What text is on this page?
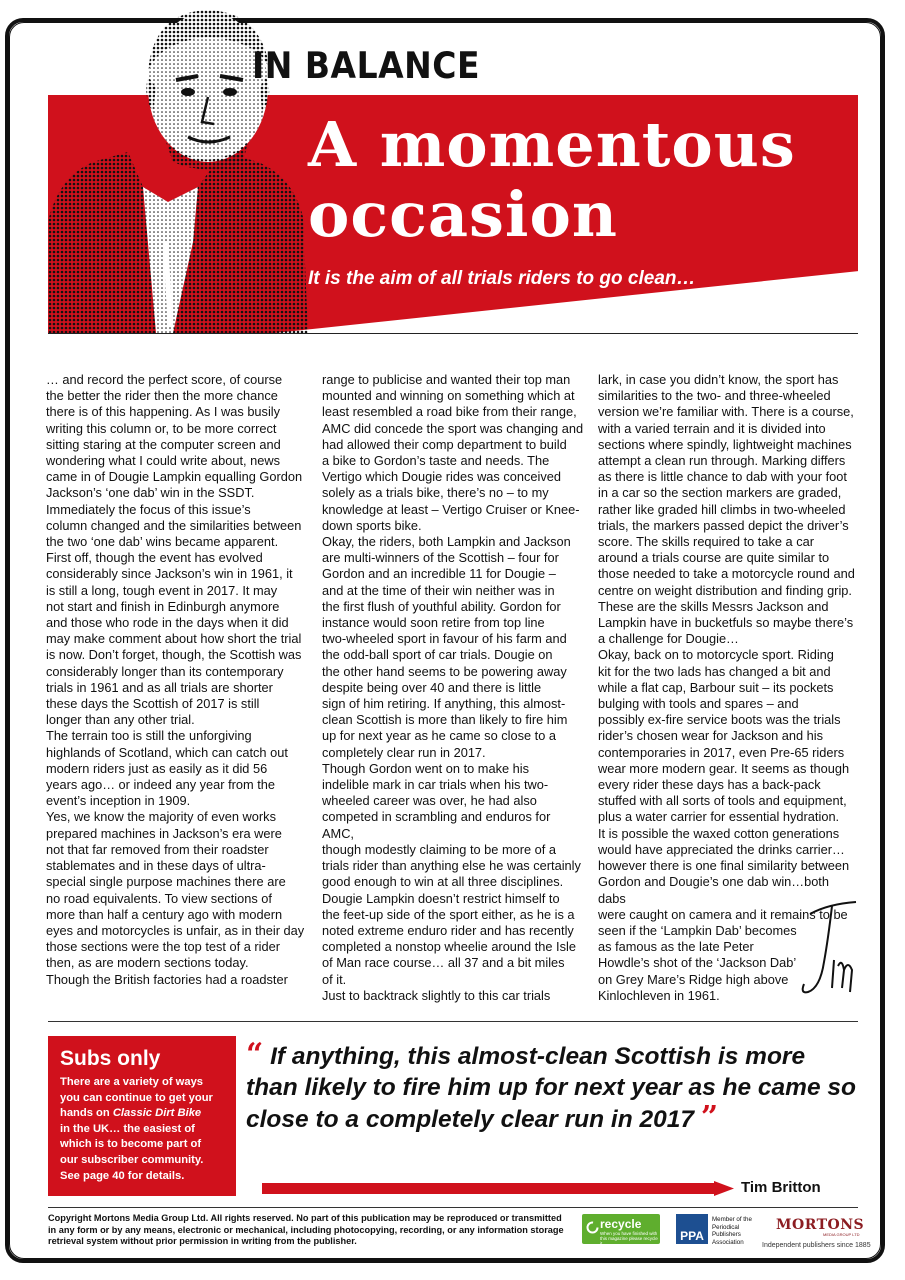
IN BALANCE
A momentous
occasion

It is the aim of all trials riders to go clean…

… and record the perfect score, of course
the better the rider then the more chance
there is of this happening. As I was busily
writing this column or, to be more correct
sitting staring at the computer screen and
wondering what I could write about, news
came in of Dougie Lampkin equalling Gordon
Jackson’s ‘one dab’ win in the SSDT.
Immediately the focus of this issue’s
column changed and the similarities between
the two ‘one dab’ wins became apparent.
First off, though the event has evolved
considerably since Jackson’s win in 1961, it
is still a long, tough event in 2017. It may
not start and finish in Edinburgh anymore
and those who rode in the days when it did
may make comment about how short the trial
is now. Don’t forget, though, the Scottish was
considerably longer than its contemporary
trials in 1961 and as all trials are shorter
these days the Scottish of 2017 is still
longer than any other trial.
The terrain too is still the unforgiving
highlands of Scotland, which can catch out
modern riders just as easily as it did 56
years ago… or indeed any year from the
event’s inception in 1909.
Yes, we know the majority of even works
prepared machines in Jackson’s era were
not that far removed from their roadster
stablemates and in these days of ultra-
special single purpose machines there are
no road equivalents. To view sections of
more than half a century ago with modern
eyes and motorcycles is unfair, as in their day
those sections were the top test of a rider
then, as are modern sections today.
Though the British factories had a roadster
range to publicise and wanted their top man
mounted and winning on something which at
least resembled a road bike from their range,
AMC did concede the sport was changing and
had allowed their comp department to build
a bike to Gordon’s taste and needs. The
Vertigo which Dougie rides was conceived
solely as a trials bike, there’s no – to my
knowledge at least – Vertigo Cruiser or Knee-
down sports bike.
Okay, the riders, both Lampkin and Jackson
are multi-winners of the Scottish – four for
Gordon and an incredible 11 for Dougie –
and at the time of their win neither was in
the first flush of youthful ability. Gordon for
instance would soon retire from top line
two-wheeled sport in favour of his farm and
the odd-ball sport of car trials. Dougie on
the other hand seems to be powering away
despite being over 40 and there is little
sign of him retiring. If anything, this almost-
clean Scottish is more than likely to fire him
up for next year as he came so close to a
completely clear run in 2017.
Though Gordon went on to make his
indelible mark in car trials when his two-
wheeled career was over, he had also
competed in scrambling and enduros for AMC,
though modestly claiming to be more of a
trials rider than anything else he was certainly
good enough to win at all three disciplines.
Dougie Lampkin doesn’t restrict himself to
the feet-up side of the sport either, as he is a
noted extreme enduro rider and has recently
completed a nonstop wheelie around the Isle
of Man race course… all 37 and a bit miles
of it.
Just to backtrack slightly to this car trials
lark, in case you didn’t know, the sport has
similarities to the two- and three-wheeled
version we’re familiar with. There is a course,
with a varied terrain and it is divided into
sections where spindly, lightweight machines
attempt a clean run through. Marking differs
as there is little chance to dab with your foot
in a car so the section markers are graded,
rather like graded hill climbs in two-wheeled
trials, the markers passed depict the driver’s
score. The skills required to take a car
around a trials course are quite similar to
those needed to take a motorcycle round and
centre on weight distribution and finding grip.
These are the skills Messrs Jackson and
Lampkin have in bucketfuls so maybe there’s
a challenge for Dougie…
Okay, back on to motorcycle sport. Riding
kit for the two lads has changed a bit and
while a flat cap, Barbour suit – its pockets
bulging with tools and spares – and
possibly ex-fire service boots was the trials
rider’s chosen wear for Jackson and his
contemporaries in 2017, even Pre-65 riders
wear more modern gear. It seems as though
every rider these days has a back-pack
stuffed with all sorts of tools and equipment,
plus a water carrier for essential hydration.
It is possible the waxed cotton generations
would have appreciated the drinks carrier…
however there is one final similarity between
Gordon and Dougie’s one dab win…both dabs
were caught on camera and it remains to be
seen if the ‘Lampkin Dab’ becomes
as famous as the late Peter
Howdle’s shot of the ‘Jackson Dab’
on Grey Mare’s Ridge high above
Kinlochleven in 1961.

Subs only

There are a variety of ways
you can continue to get your
hands on Classic Dirt Bike
in the UK… the easiest of
which is to become part of
our subscriber community.
See page 40 for details.

“ If anything, this almost-clean Scottish is more than likely to fire him up for next year as he came so close to a completely clear run in 2017 ”

Tim Britton

Copyright Mortons Media Group Ltd. All rights reserved. No part of this publication may be reproduced or transmitted in any form or by any means, electronic or mechanical, including photocopying, recording, or any information storage retrieval system without prior permission in writing from the publisher.

recycle
When you have finished with this magazine please recycle it.
PPA
Member of the
Periodical
Publishers
Association
MORTONS
MEDIA GROUP LTD
Independent publishers since 1885
